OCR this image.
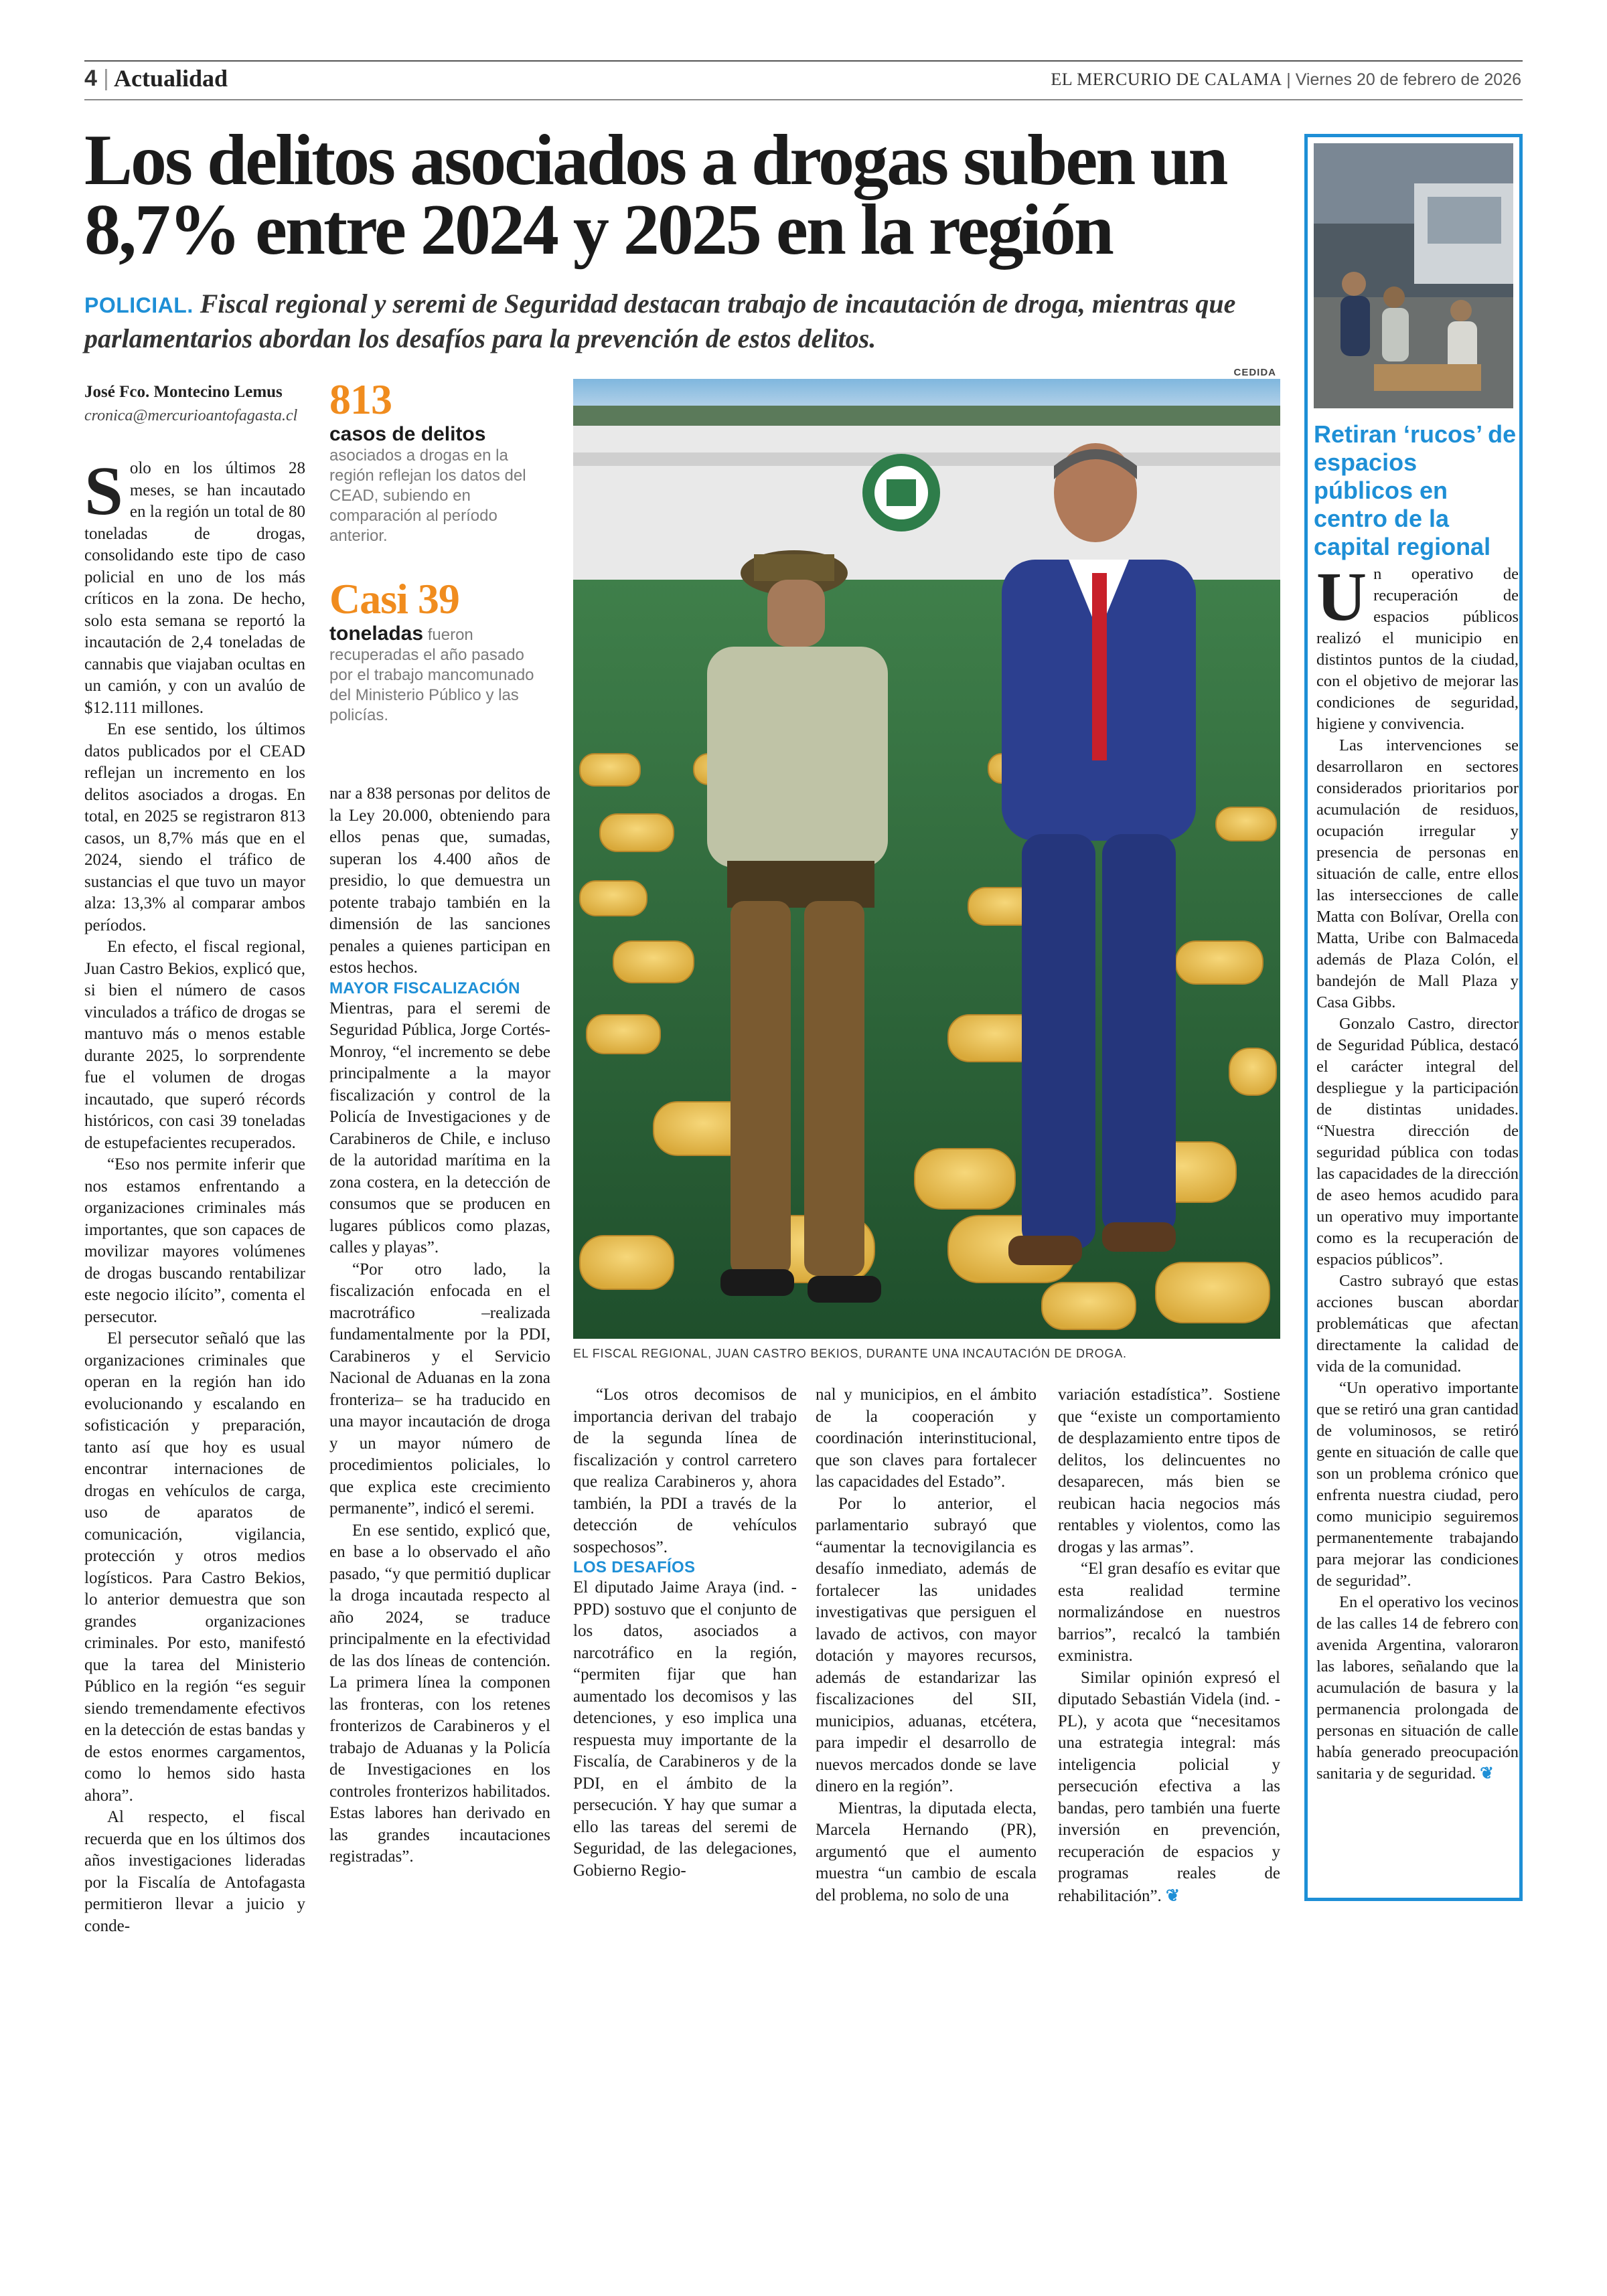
4 | Actualidad	EL MERCURIO DE CALAMA | Viernes 20 de febrero de 2026
Los delitos asociados a drogas suben un 8,7% entre 2024 y 2025 en la región
POLICIAL. Fiscal regional y seremi de Seguridad destacan trabajo de incautación de droga, mientras que parlamentarios abordan los desafíos para la prevención de estos delitos.
José Fco. Montecino Lemus
cronica@mercurioantofagasta.cl

Solo en los últimos 28 meses, se han incautado en la región un total de 80 toneladas de drogas, consolidando este tipo de caso policial en uno de los más críticos en la zona. De hecho, solo esta semana se reportó la incautación de 2,4 toneladas de cannabis que viajaban ocultas en un camión, y con un avalúo de $12.111 millones.

En ese sentido, los últimos datos publicados por el CEAD reflejan un incremento en los delitos asociados a drogas. En total, en 2025 se registraron 813 casos, un 8,7% más que en el 2024, siendo el tráfico de sustancias el que tuvo un mayor alza: 13,3% al comparar ambos períodos.

En efecto, el fiscal regional, Juan Castro Bekios, explicó que, si bien el número de casos vinculados a tráfico de drogas se mantuvo más o menos estable durante 2025, lo sorprendente fue el volumen de drogas incautado, que superó récords históricos, con casi 39 toneladas de estupefacientes recuperados.

“Eso nos permite inferir que nos estamos enfrentando a organizaciones criminales más importantes, que son capaces de movilizar mayores volúmenes de drogas buscando rentabilizar este negocio ilícito”, comenta el persecutor.

El persecutor señaló que las organizaciones criminales que operan en la región han ido evolucionando y escalando en sofisticación y preparación, tanto así que hoy es usual encontrar internaciones de drogas en vehículos de carga, uso de aparatos de comunicación, vigilancia, protección y otros medios logísticos. Para Castro Bekios, lo anterior demuestra que son grandes organizaciones criminales. Por esto, manifestó que la tarea del Ministerio Público en la región “es seguir siendo tremendamente efectivos en la detección de estas bandas y de estos enormes cargamentos, como lo hemos sido hasta ahora”.

Al respecto, el fiscal recuerda que en los últimos dos años investigaciones lideradas por la Fiscalía de Antofagasta permitieron llevar a juicio y conde-

813
casos de delitos asociados a drogas en la región reflejan los datos del CEAD, subiendo en comparación al período anterior.
Casi 39
toneladas fueron recuperadas el año pasado por el trabajo mancomunado del Ministerio Público y las policías.

nar a 838 personas por delitos de la Ley 20.000, obteniendo para ellos penas que, sumadas, superan los 4.400 años de presidio, lo que demuestra un potente trabajo también en la dimensión de las sanciones penales a quienes participan en estos hechos.

MAYOR FISCALIZACIÓN

Mientras, para el seremi de Seguridad Pública, Jorge Cortés-Monroy, “el incremento se debe principalmente a la mayor fiscalización y control de la Policía de Investigaciones y de Carabineros de Chile, e incluso de la autoridad marítima en la zona costera, en la detección de consumos que se producen en lugares públicos como plazas, calles y playas”.

“Por otro lado, la fiscalización enfocada en el macrotráfico –realizada fundamentalmente por la PDI, Carabineros y el Servicio Nacional de Aduanas en la zona fronteriza– se ha traducido en una mayor incautación de droga y un mayor número de procedimientos policiales, lo que explica este crecimiento permanente”, indicó el seremi.

En ese sentido, explicó que, en base a lo observado el año pasado, “y que permitió duplicar la droga incautada respecto al año 2024, se traduce principalmente en la efectividad de las dos líneas de contención. La primera línea la componen las fronteras, con los retenes fronterizos de Carabineros y el trabajo de Aduanas y la Policía de Investigaciones en los controles fronterizos habilitados. Estas labores han derivado en las grandes incautaciones registradas”.

CEDIDA
EL FISCAL REGIONAL, JUAN CASTRO BEKIOS, DURANTE UNA INCAUTACIÓN DE DROGA.

“Los otros decomisos de importancia derivan del trabajo de la segunda línea de fiscalización y control carretero que realiza Carabineros y, ahora también, la PDI a través de la detección de vehículos sospechosos”.

LOS DESAFÍOS

El diputado Jaime Araya (ind. - PPD) sostuvo que el conjunto de los datos, asociados a narcotráfico en la región, “permiten fijar que han aumentado los decomisos y las detenciones, y eso implica una respuesta muy importante de la Fiscalía, de Carabineros y de la PDI, en el ámbito de la persecución. Y hay que sumar a ello las tareas del seremi de Seguridad, de las delegaciones, Gobierno Regio-

nal y municipios, en el ámbito de la cooperación y coordinación interinstitucional, que son claves para fortalecer las capacidades del Estado”.

Por lo anterior, el parlamentario subrayó que “aumentar la tecnovigilancia es desafío inmediato, además de fortalecer las unidades investigativas que persiguen el lavado de activos, con mayor dotación y mayores recursos, además de estandarizar las fiscalizaciones del SII, municipios, aduanas, etcétera, para impedir el desarrollo de nuevos mercados donde se lave dinero en la región”.

Mientras, la diputada electa, Marcela Hernando (PR), argumentó que el aumento muestra “un cambio de escala del problema, no solo de una

variación estadística”. Sostiene que “existe un comportamiento de desplazamiento entre tipos de delitos, los delincuentes no desaparecen, más bien se reubican hacia negocios más rentables y violentos, como las drogas y las armas”.

“El gran desafío es evitar que esta realidad termine normalizándose en nuestros barrios”, recalcó la también exministra.

Similar opinión expresó el diputado Sebastián Videla (ind. - PL), y acota que “necesitamos una estrategia integral: más inteligencia policial y persecución efectiva a las bandas, pero también una fuerte inversión en prevención, recuperación de espacios y programas reales de rehabilitación”. ❦

Retiran ‘rucos’ de espacios públicos en centro de la capital regional

Un operativo de recuperación de espacios públicos realizó el municipio en distintos puntos de la ciudad, con el objetivo de mejorar las condiciones de seguridad, higiene y convivencia.

Las intervenciones se desarrollaron en sectores considerados prioritarios por acumulación de residuos, ocupación irregular y presencia de personas en situación de calle, entre ellos las intersecciones de calle Matta con Bolívar, Orella con Matta, Uribe con Balmaceda además de Plaza Colón, el bandejón de Mall Plaza y Casa Gibbs.

Gonzalo Castro, director de Seguridad Pública, destacó el carácter integral del despliegue y la participación de distintas unidades. “Nuestra dirección de seguridad pública con todas las capacidades de la dirección de aseo hemos acudido para un operativo muy importante como es la recuperación de espacios públicos”.

Castro subrayó que estas acciones buscan abordar problemáticas que afectan directamente la calidad de vida de la comunidad.

“Un operativo importante que se retiró una gran cantidad de voluminosos, se retiró gente en situación de calle que son un problema crónico que enfrenta nuestra ciudad, pero como municipio seguiremos permanentemente trabajando para mejorar las condiciones de seguridad”.

En el operativo los vecinos de las calles 14 de febrero con avenida Argentina, valoraron las labores, señalando que la acumulación de basura y la permanencia prolongada de personas en situación de calle había generado preocupación sanitaria y de seguridad. ❦
